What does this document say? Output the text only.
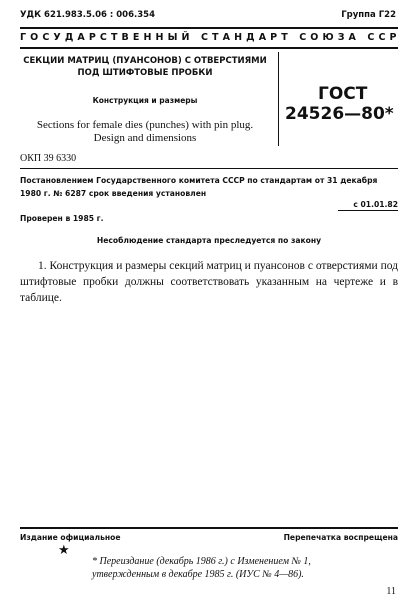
УДК 621.983.5.06 : 006.354	Группа Г22
ГОСУДАРСТВЕННЫЙ СТАНДАРТ СОЮЗА ССР
СЕКЦИИ МАТРИЦ (ПУАНСОНОВ) С ОТВЕРСТИЯМИ ПОД ШТИФТОВЫЕ ПРОБКИ
Конструкция и размеры
Sections for female dies (punches) with pin plug. Design and dimensions
ГОСТ
24526—80*
ОКП 39 6330
Постановлением Государственного комитета СССР по стандартам от 31 декабря 1980 г. № 6287 срок введения установлен
с 01.01.82
Проверен в 1985 г.
Несоблюдение стандарта преследуется по закону
1. Конструкция и размеры секций матриц и пуансонов с отверстиями под штифтовые пробки должны соответствовать указанным на чертеже и в таблице.
Издание официальное	Перепечатка воспрещена
★
* Переиздание (декабрь 1986 г.) с Изменением № 1,
утвержденным в декабре 1985 г. (ИУС № 4—86).
11
